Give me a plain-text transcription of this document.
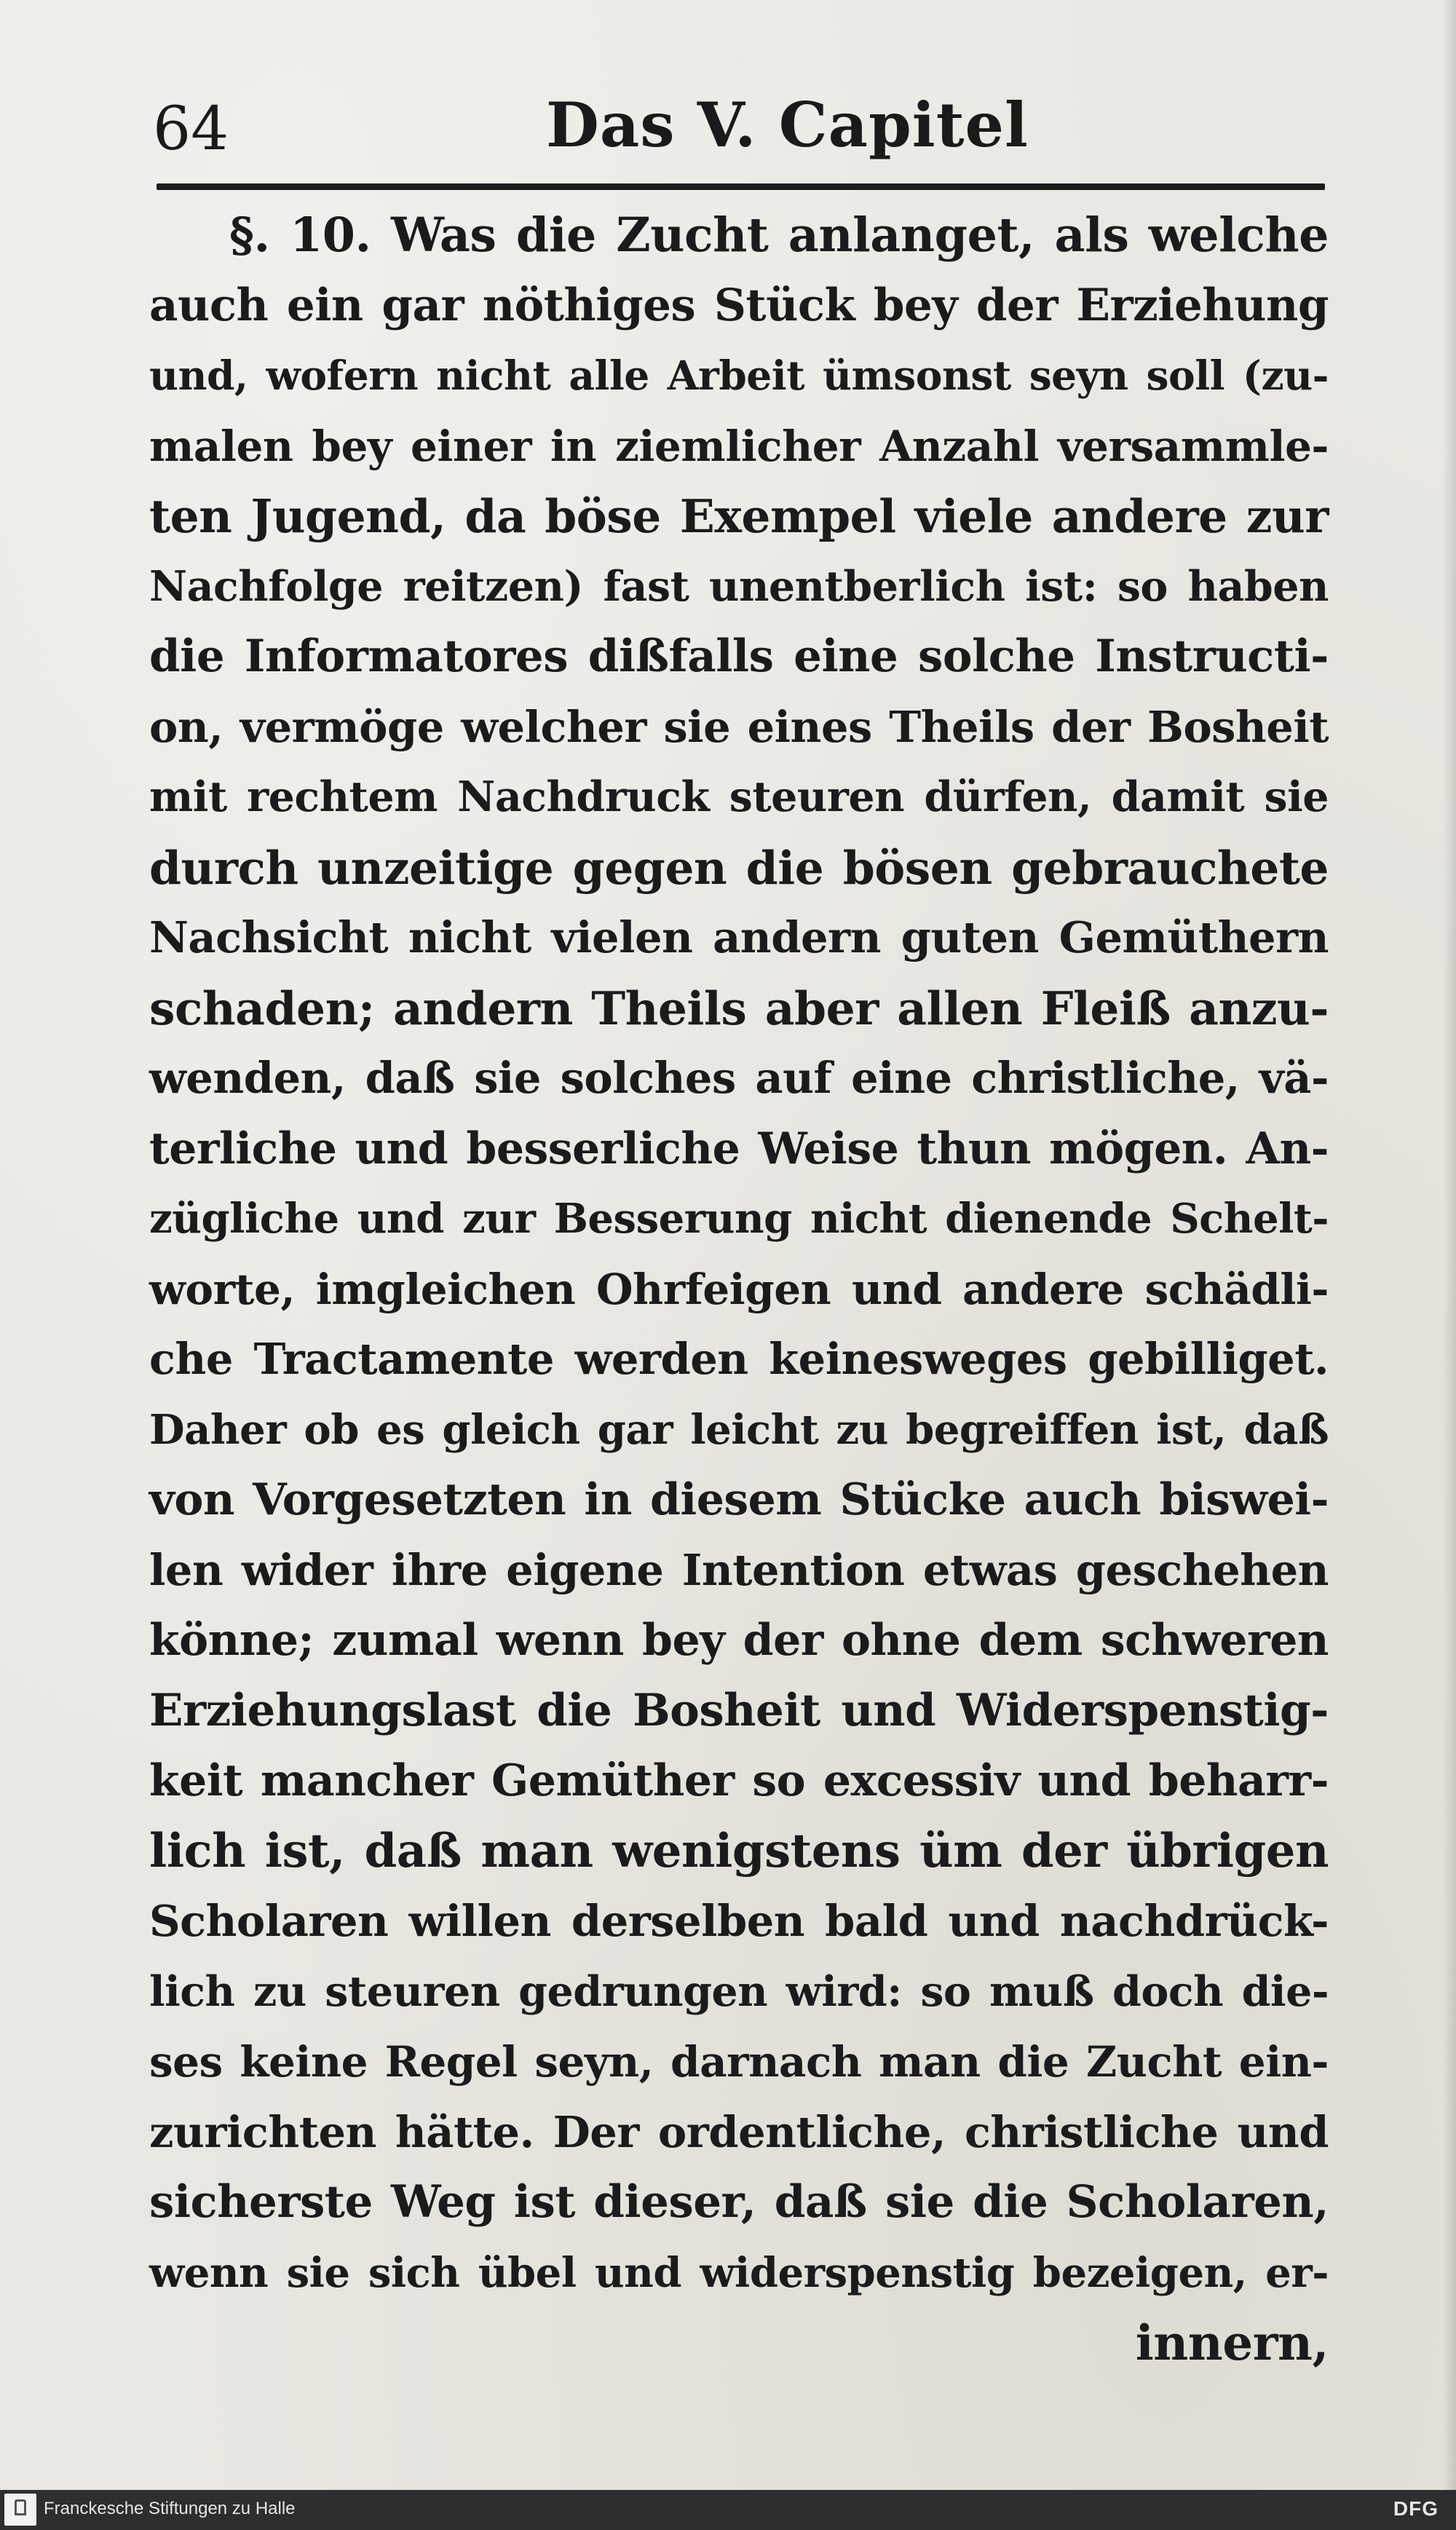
64	Das V. Capitel
§. 10. Was die Zucht anlanget, als welche
auch ein gar nöthiges Stück bey der Erziehung
und, wofern nicht alle Arbeit ümsonst seyn soll (zu-
malen bey einer in ziemlicher Anzahl versammle-
ten Jugend, da böse Exempel viele andere zur
Nachfolge reitzen) fast unentberlich ist: so haben
die Informatores dißfalls eine solche Instructi-
on, vermöge welcher sie eines Theils der Bosheit
mit rechtem Nachdruck steuren dürfen, damit sie
durch unzeitige gegen die bösen gebrauchete
Nachsicht nicht vielen andern guten Gemüthern
schaden; andern Theils aber allen Fleiß anzu-
wenden, daß sie solches auf eine christliche, vä-
terliche und besserliche Weise thun mögen. An-
zügliche und zur Besserung nicht dienende Schelt-
worte, imgleichen Ohrfeigen und andere schädli-
che Tractamente werden keinesweges gebilliget.
Daher ob es gleich gar leicht zu begreiffen ist, daß
von Vorgesetzten in diesem Stücke auch biswei-
len wider ihre eigene Intention etwas geschehen
könne; zumal wenn bey der ohne dem schweren
Erziehungslast die Bosheit und Widerspenstig-
keit mancher Gemüther so excessiv und beharr-
lich ist, daß man wenigstens üm der übrigen
Scholaren willen derselben bald und nachdrück-
lich zu steuren gedrungen wird: so muß doch die-
ses keine Regel seyn, darnach man die Zucht ein-
zurichten hätte. Der ordentliche, christliche und
sicherste Weg ist dieser, daß sie die Scholaren,
wenn sie sich übel und widerspenstig bezeigen, er-
innern,
Franckesche Stiftungen zu Halle	DFG
